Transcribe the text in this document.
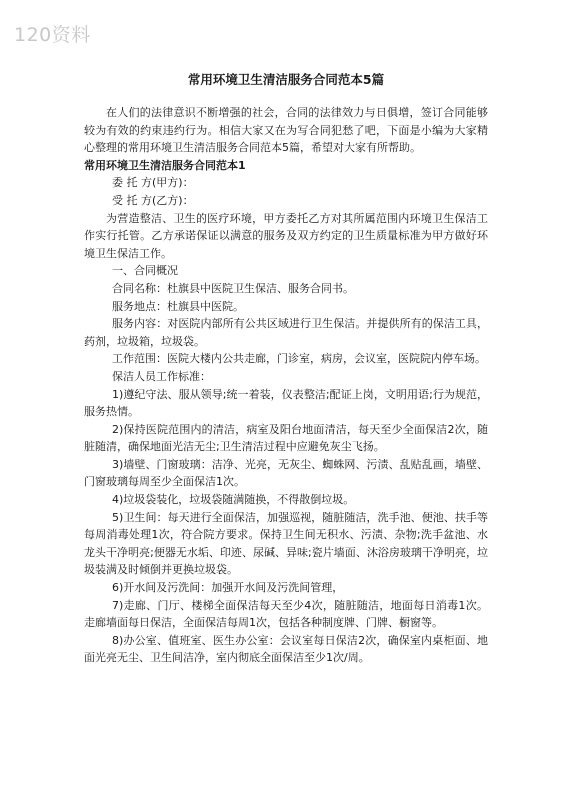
120资料
常用环境卫生清洁服务合同范本5篇

在人们的法律意识不断增强的社会，合同的法律效力与日俱增，签订合同能够较为有效的约束违约行为。相信大家又在为写合同犯愁了吧，下面是小编为大家精心整理的常用环境卫生清洁服务合同范本5篇，希望对大家有所帮助。

常用环境卫生清洁服务合同范本1

委 托 方(甲方)：

受 托 方(乙方)：

为营造整洁、卫生的医疗环境，甲方委托乙方对其所属范围内环境卫生保洁工作实行托管。乙方承诺保证以满意的服务及双方约定的卫生质量标准为甲方做好环境卫生保洁工作。

一、合同概况

合同名称：杜旗县中医院卫生保洁、服务合同书。

服务地点：杜旗县中医院。

服务内容：对医院内部所有公共区域进行卫生保洁。并提供所有的保洁工具，药剂，垃圾箱，垃圾袋。

工作范围：医院大楼内公共走廊，门诊室，病房，会议室，医院院内停车场。

保洁人员工作标准：

1)遵纪守法、服从领导;统一着装，仪表整洁;配证上岗，文明用语;行为规范，服务热情。

2)保持医院范围内的清洁，病室及阳台地面清洁，每天至少全面保洁2次，随脏随清，确保地面光洁无尘;卫生清洁过程中应避免灰尘飞扬。

3)墙壁、门窗玻璃：洁净、光亮，无灰尘、蜘蛛网、污渍、乱贴乱画，墙壁、门窗玻璃每周至少全面保洁1次。

4)垃圾袋装化，垃圾袋随满随换，不得散倒垃圾。

5)卫生间：每天进行全面保洁，加强巡视，随脏随洁，洗手池、便池、扶手等每周消毒处理1次，符合院方要求。保持卫生间无积水、污渍、杂物;洗手盆池、水龙头干净明亮;便器无水垢、印迹、尿碱、异味;瓷片墙面、沐浴房玻璃干净明亮，垃圾装满及时倾倒并更换垃圾袋。

6)开水间及污洗间：加强开水间及污洗间管理，

7)走廊、门厅、楼梯全面保洁每天至少4次，随脏随洁，地面每日消毒1次。走廊墙面每日保洁，全面保洁每周1次，包括各种制度牌、门牌、橱窗等。

8)办公室、值班室、医生办公室：会议室每日保洁2次，确保室内桌柜面、地面光亮无尘、卫生间洁净，室内彻底全面保洁至少1次/周。
